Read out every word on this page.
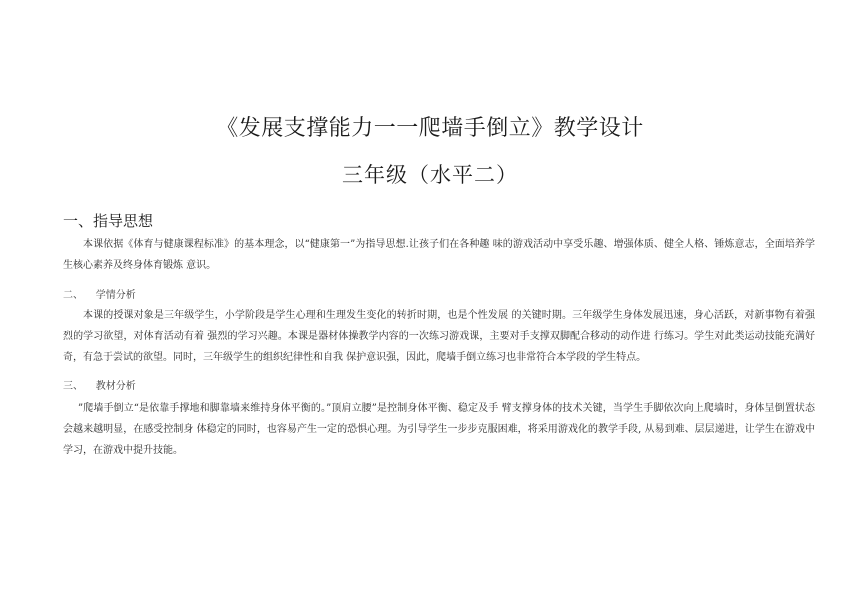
《发展支撑能力一一爬墙手倒立》教学设计
三年级（水平二）
一、指导思想
本课依据《体育与健康课程标准》的基本理念，以“健康第一”为指导思想.让孩子们在各种趣 味的游戏活动中享受乐趣、增强体质、健全人格、锤炼意志，全面培养学生核心素养及终身体育锻炼 意识。
二、    学情分析
本课的授课对象是三年级学生，小学阶段是学生心理和生理发生变化的转折时期，也是个性发展 的关键时期。三年级学生身体发展迅速，身心活跃，对新事物有着强烈的学习欲望，对体育活动有着 强烈的学习兴趣。本课是器材体操教学内容的一次练习游戏课，主要对手支撑双脚配合移动的动作进 行练习。学生对此类运动技能充满好奇，有急于尝试的欲望。同时，三年级学生的组织纪律性和自我 保护意识强，因此，爬墙手倒立练习也非常符合本学段的学生特点。
三、    教材分析
”爬墙手倒立“是依靠手撑地和脚靠墙来维持身体平衡的。”顶肩立腰”是控制身体平衡、稳定及手 臂支撑身体的技术关键，当学生手脚依次向上爬墙时，身体呈倒置状态会越来越明显，在感受控制身 体稳定的同时，也容易产生一定的恐惧心理。为引导学生一步步克服困难，将采用游戏化的教学手段, 从易到难、层层递进，让学生在游戏中学习，在游戏中提升技能。
